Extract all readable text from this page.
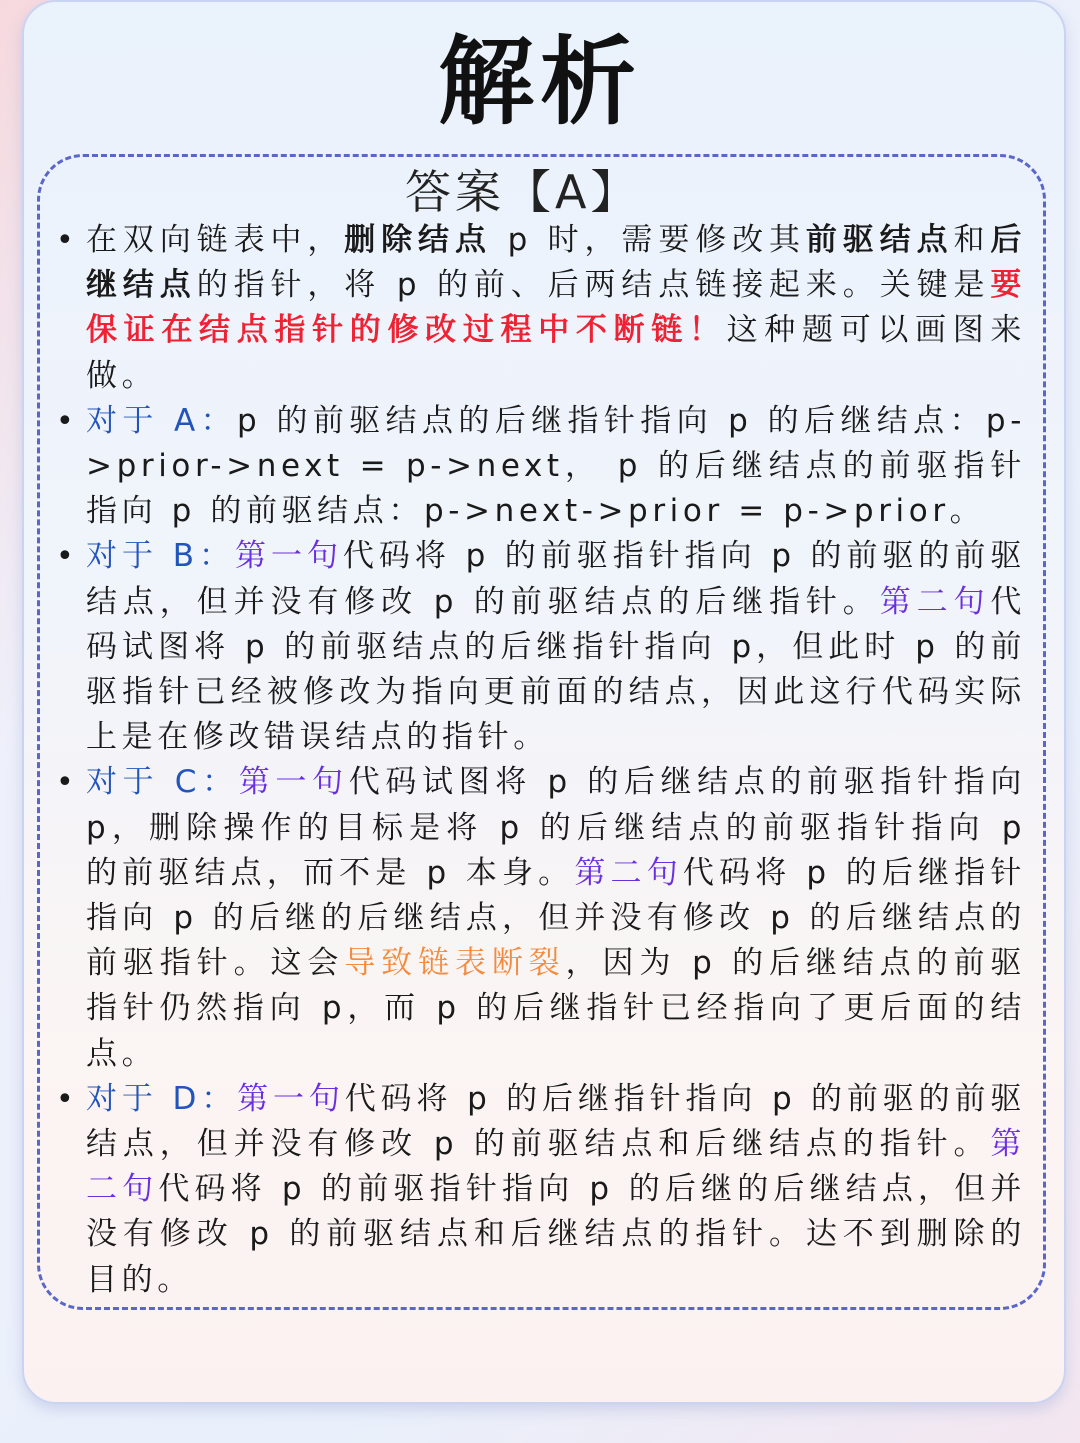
解析
答案【A】
• 在双向链表中，删除结点 p 时，需要修改其前驱结点和后继结点的指针，将 p 的前、后两结点链接起来。关键是要保证在结点指针的修改过程中不断链！这种题可以画图来做。
• 对于 A：p 的前驱结点的后继指针指向 p 的后继结点：p->prior->next = p->next， p 的后继结点的前驱指针指向 p 的前驱结点：p->next->prior = p->prior。
• 对于 B：第一句代码将 p 的前驱指针指向 p 的前驱的前驱结点，但并没有修改 p 的前驱结点的后继指针。第二句代码试图将 p 的前驱结点的后继指针指向 p，但此时 p 的前驱指针已经被修改为指向更前面的结点，因此这行代码实际上是在修改错误结点的指针。
• 对于 C：第一句代码试图将 p 的后继结点的前驱指针指向 p，删除操作的目标是将 p 的后继结点的前驱指针指向 p 的前驱结点，而不是 p 本身。第二句代码将 p 的后继指针指向 p 的后继的后继结点，但并没有修改 p 的后继结点的前驱指针。这会导致链表断裂，因为 p 的后继结点的前驱指针仍然指向 p，而 p 的后继指针已经指向了更后面的结点。
• 对于 D：第一句代码将 p 的后继指针指向 p 的前驱的前驱结点，但并没有修改 p 的前驱结点和后继结点的指针。第二句代码将 p 的前驱指针指向 p 的后继的后继结点，但并没有修改 p 的前驱结点和后继结点的指针。达不到删除的目的。
